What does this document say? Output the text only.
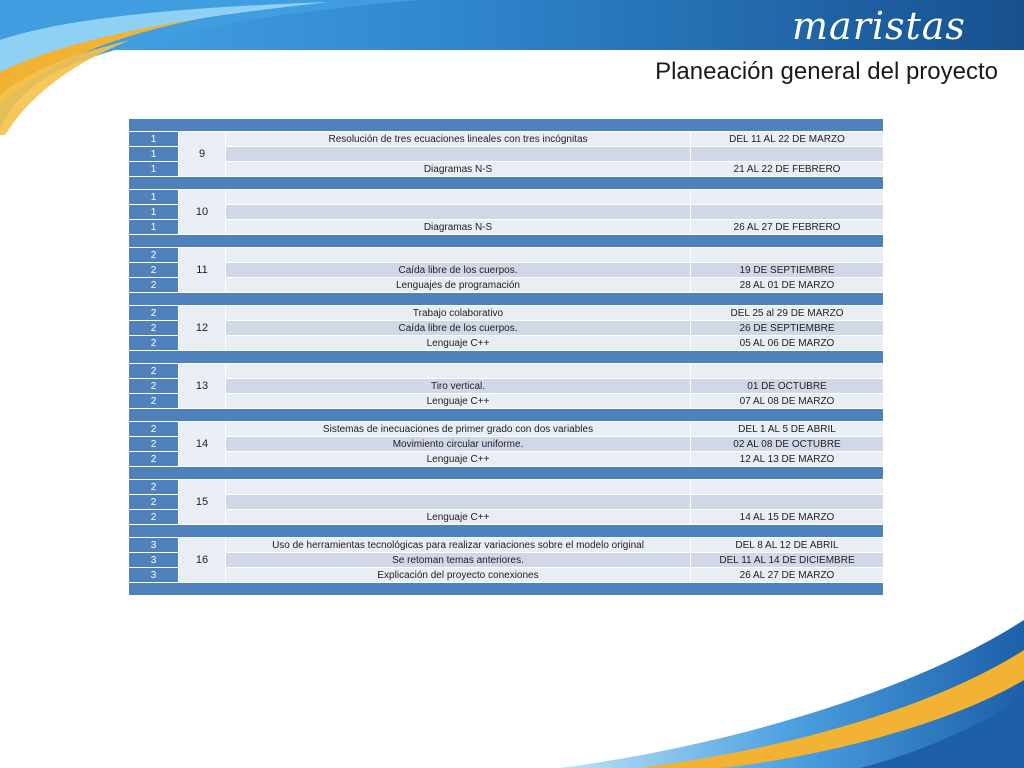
maristas
Planeación general del proyecto

1	9	Resolución de tres ecuaciones lineales con tres incógnitas	DEL 11 AL 22 DE MARZO
1			
1		Diagramas N-S	21 AL 22 DE FEBRERO

1	10		
1			
1		Diagramas N-S	26 AL 27 DE FEBRERO

2	11		
2		Caída libre de los cuerpos.	19 DE SEPTIEMBRE
2		Lenguajes de programación	28 AL 01 DE MARZO

2	12	Trabajo colaborativo	DEL 25 al 29 DE MARZO
2		Caída libre de los cuerpos.	26 DE SEPTIEMBRE
2		Lenguaje C++	05 AL 06 DE MARZO

2	13		
2		Tiro vertical.	01 DE OCTUBRE
2		Lenguaje C++	07 AL 08 DE MARZO

2	14	Sistemas de inecuaciones de primer grado con dos variables	DEL 1 AL 5 DE ABRIL
2		Movimiento circular uniforme.	02 AL 08 DE OCTUBRE
2		Lenguaje C++	12 AL 13 DE MARZO

2	15		
2			
2		Lenguaje C++	14 AL 15 DE MARZO

3	16	Uso de herramientas tecnológicas para realizar variaciones sobre el modelo original	DEL 8 AL 12 DE ABRIL
3		Se retoman temas anteriores.	DEL 11 AL 14 DE DICIEMBRE
3		Explicación del proyecto conexiones	26 AL 27 DE MARZO
